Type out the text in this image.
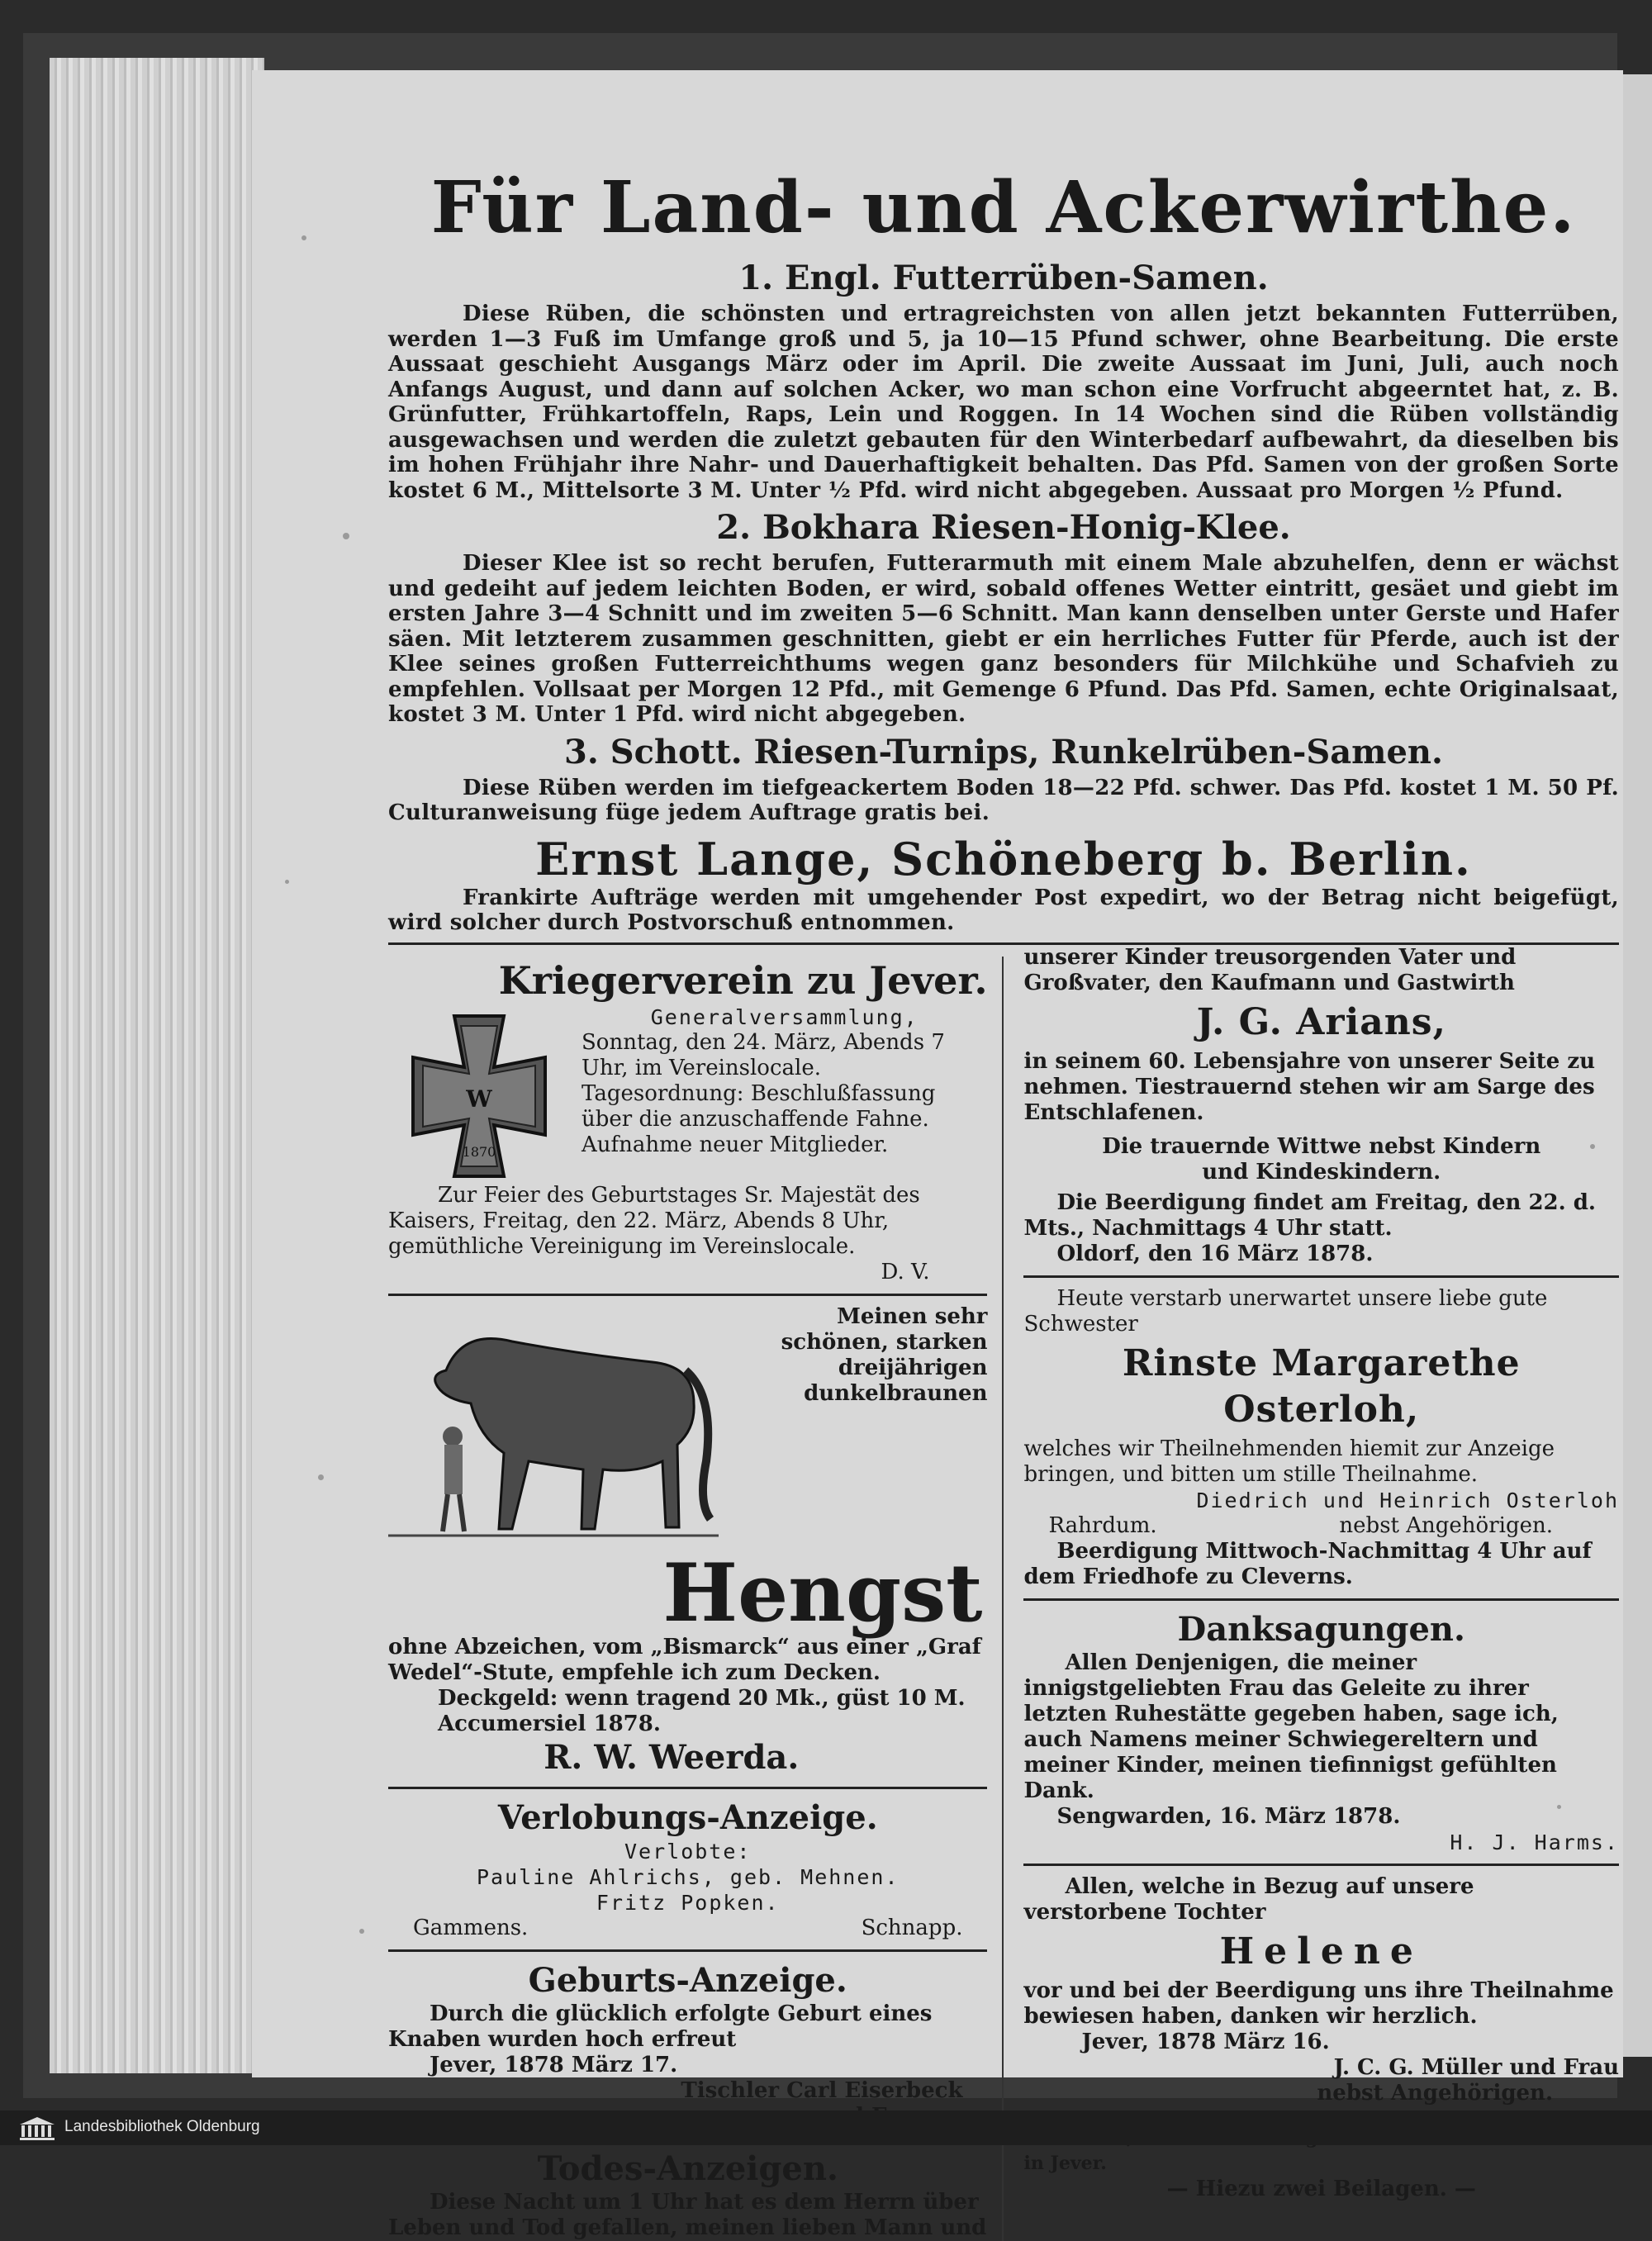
Für Land- und Ackerwirthe.
1. Engl. Futterrüben-Samen.

Diese Rüben, die schönsten und ertragreichsten von allen jetzt bekannten Futterrüben, werden 1—3 Fuß im Umfange groß und 5, ja 10—15 Pfund schwer, ohne Bearbeitung. Die erste Aussaat geschieht Ausgangs März oder im April. Die zweite Aussaat im Juni, Juli, auch noch Anfangs August, und dann auf solchen Acker, wo man schon eine Vorfrucht abgeerntet hat, z. B. Grünfutter, Frühkartoffeln, Raps, Lein und Roggen. In 14 Wochen sind die Rüben vollständig ausgewachsen und werden die zuletzt gebauten für den Winterbedarf aufbewahrt, da dieselben bis im hohen Frühjahr ihre Nahr- und Dauerhaftigkeit behalten. Das Pfd. Samen von der großen Sorte kostet 6 M., Mittelsorte 3 M. Unter ½ Pfd. wird nicht abgegeben. Aussaat pro Morgen ½ Pfund.

2. Bokhara Riesen-Honig-Klee.

Dieser Klee ist so recht berufen, Futterarmuth mit einem Male abzuhelfen, denn er wächst und gedeiht auf jedem leichten Boden, er wird, sobald offenes Wetter eintritt, gesäet und giebt im ersten Jahre 3—4 Schnitt und im zweiten 5—6 Schnitt. Man kann denselben unter Gerste und Hafer säen. Mit letzterem zusammen geschnitten, giebt er ein herrliches Futter für Pferde, auch ist der Klee seines großen Futterreichthums wegen ganz besonders für Milchkühe und Schafvieh zu empfehlen. Vollsaat per Morgen 12 Pfd., mit Gemenge 6 Pfund. Das Pfd. Samen, echte Originalsaat, kostet 3 M. Unter 1 Pfd. wird nicht abgegeben.

3. Schott. Riesen-Turnips, Runkelrüben-Samen.

Diese Rüben werden im tiefgeackertem Boden 18—22 Pfd. schwer. Das Pfd. kostet 1 M. 50 Pf. Culturanweisung füge jedem Auftrage gratis bei.

Ernst Lange, Schöneberg b. Berlin.

Frankirte Aufträge werden mit umgehender Post expedirt, wo der Betrag nicht beigefügt, wird solcher durch Postvorschuß entnommen.

Kriegerverein zu Jever.
W
1870

Generalversammlung,

Sonntag, den 24. März, Abends 7 Uhr, im Vereinslocale.

Tagesordnung: Beschlußfassung über die anzuschaffende Fahne. Aufnahme neuer Mitglieder.

Zur Feier des Geburtstages Sr. Majestät des Kaisers, Freitag, den 22. März, Abends 8 Uhr, gemüthliche Vereinigung im Vereinslocale.

D. V.

Meinen sehr schönen, starken dreijährigen dunkelbraunen

Hengst

ohne Abzeichen, vom „Bismarck“ aus einer „Graf Wedel“-Stute, empfehle ich zum Decken.

Deckgeld: wenn tragend 20 Mk., güst 10 M.

Accumersiel 1878.

R. W. Weerda.

Verlobungs-Anzeige.

Verlobte:

Pauline Ahlrichs, geb. Mehnen.

Fritz Popken.

Gammens.	Schnapp.

Geburts-Anzeige.

Durch die glücklich erfolgte Geburt eines Knaben wurden hoch erfreut

Jever, 1878 März 17.

Tischler Carl Eiserbeck

Todes-Anzeigen.

Diese Nacht um 1 Uhr hat es dem Herrn über Leben und Tod gefallen, meinen lieben Mann und

unserer Kinder treusorgenden Vater und Großvater, den Kaufmann und Gastwirth

J. G. Arians,

in seinem 60. Lebensjahre von unserer Seite zu nehmen. Tiestrauernd stehen wir am Sarge des Entschlafenen.

Die trauernde Wittwe nebst Kindern

und Kindeskindern.

Die Beerdigung findet am Freitag, den 22. d. Mts., Nachmittags 4 Uhr statt.

Oldorf, den 16 März 1878.

Heute verstarb unerwartet unsere liebe gute Schwester

Rinste Margarethe Osterloh,

welches wir Theilnehmenden hiemit zur Anzeige bringen, und bitten um stille Theilnahme.

Diedrich und Heinrich Osterloh

Rahrdum.	nebst Angehörigen.

Beerdigung Mittwoch-Nachmittag 4 Uhr auf dem Friedhofe zu Cleverns.

Danksagungen.

Allen Denjenigen, die meiner innigstgeliebten Frau das Geleite zu ihrer letzten Ruhestätte gegeben haben, sage ich, auch Namens meiner Schwiegereltern und meiner Kinder, meinen tiefinnigst gefühlten Dank.

Sengwarden, 16. März 1878.

H. J. Harms.

Allen, welche in Bezug auf unsere verstorbene Tochter

Helene

vor und bei der Beerdigung uns ihre Theilnahme bewiesen haben, danken wir herzlich.

Jever, 1878 März 16.

J. C. G. Müller und Frau

nebst Angehörigen.

in Jever.

— Hiezu zwei Beilagen. —

Landesbibliothek Oldenburg
